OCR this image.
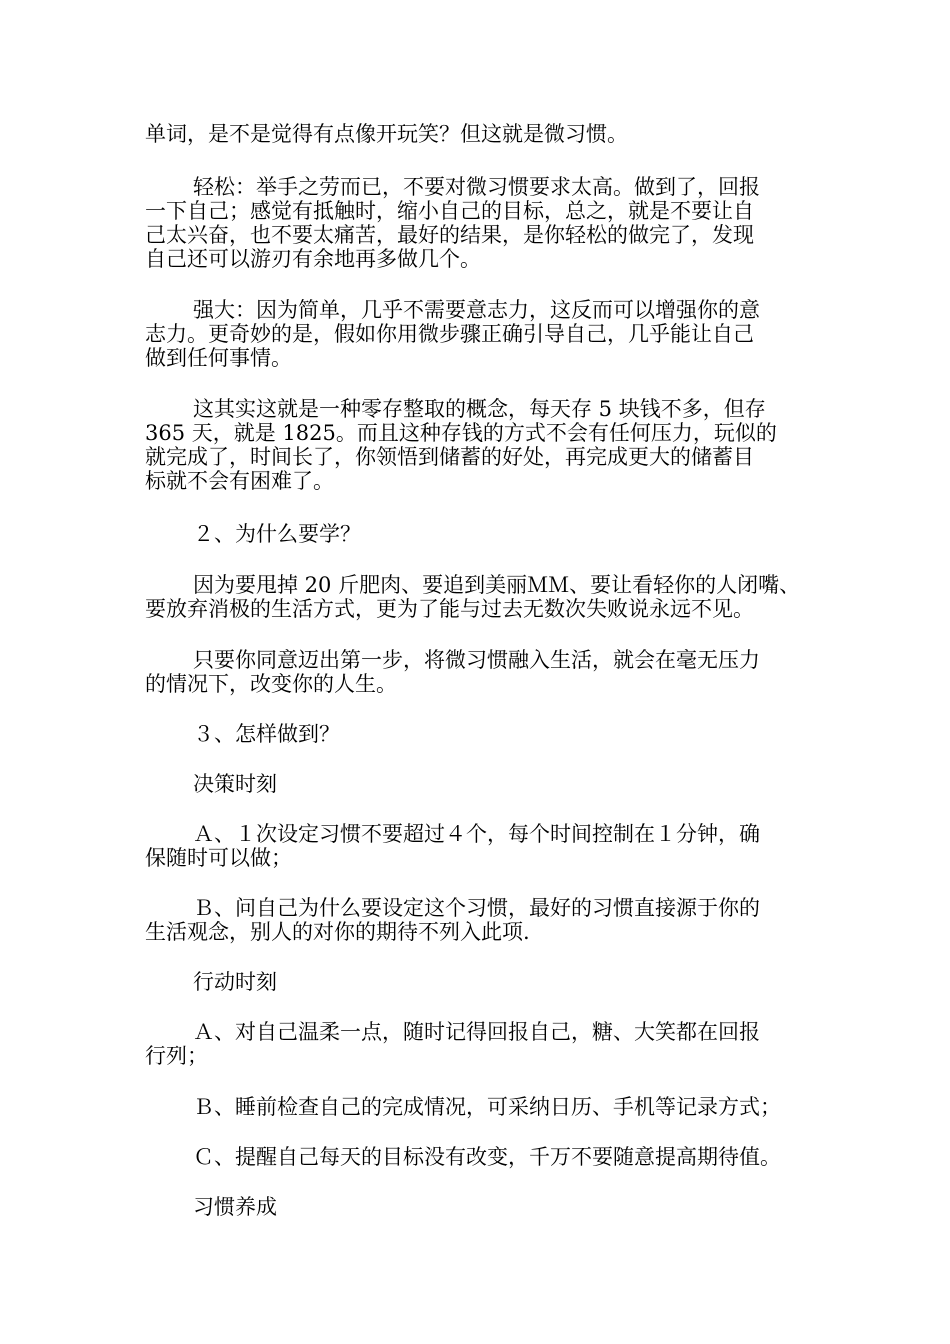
单词，是不是觉得有点像开玩笑？但这就是微习惯。

轻松：举手之劳而已，不要对微习惯要求太高。做到了，回报
一下自己；感觉有抵触时，缩小自己的目标，总之，就是不要让自
己太兴奋，也不要太痛苦，最好的结果，是你轻松的做完了，发现
自己还可以游刃有余地再多做几个。

强大：因为简单，几乎不需要意志力，这反而可以增强你的意
志力。更奇妙的是，假如你用微步骤正确引导自己，几乎能让自己
做到任何事情。

这其实这就是一种零存整取的概念，每天存 5 块钱不多，但存
365 天，就是 1825。而且这种存钱的方式不会有任何压力，玩似的
就完成了，时间长了，你领悟到储蓄的好处，再完成更大的储蓄目
标就不会有困难了。

２、为什么要学？

因为要甩掉 20 斤肥肉、要追到美丽ＭＭ、要让看轻你的人闭嘴、
要放弃消极的生活方式，更为了能与过去无数次失败说永远不见。

只要你同意迈出第一步，将微习惯融入生活，就会在毫无压力
的情况下，改变你的人生。

３、怎样做到？

决策时刻

Ａ、１次设定习惯不要超过４个，每个时间控制在１分钟，确
保随时可以做；

Ｂ、问自己为什么要设定这个习惯，最好的习惯直接源于你的
生活观念，别人的对你的期待不列入此项.

行动时刻

Ａ、对自己温柔一点，随时记得回报自己，糖、大笑都在回报
行列；

Ｂ、睡前检查自己的完成情况，可采纳日历、手机等记录方式；

Ｃ、提醒自己每天的目标没有改变，千万不要随意提高期待值。

习惯养成
